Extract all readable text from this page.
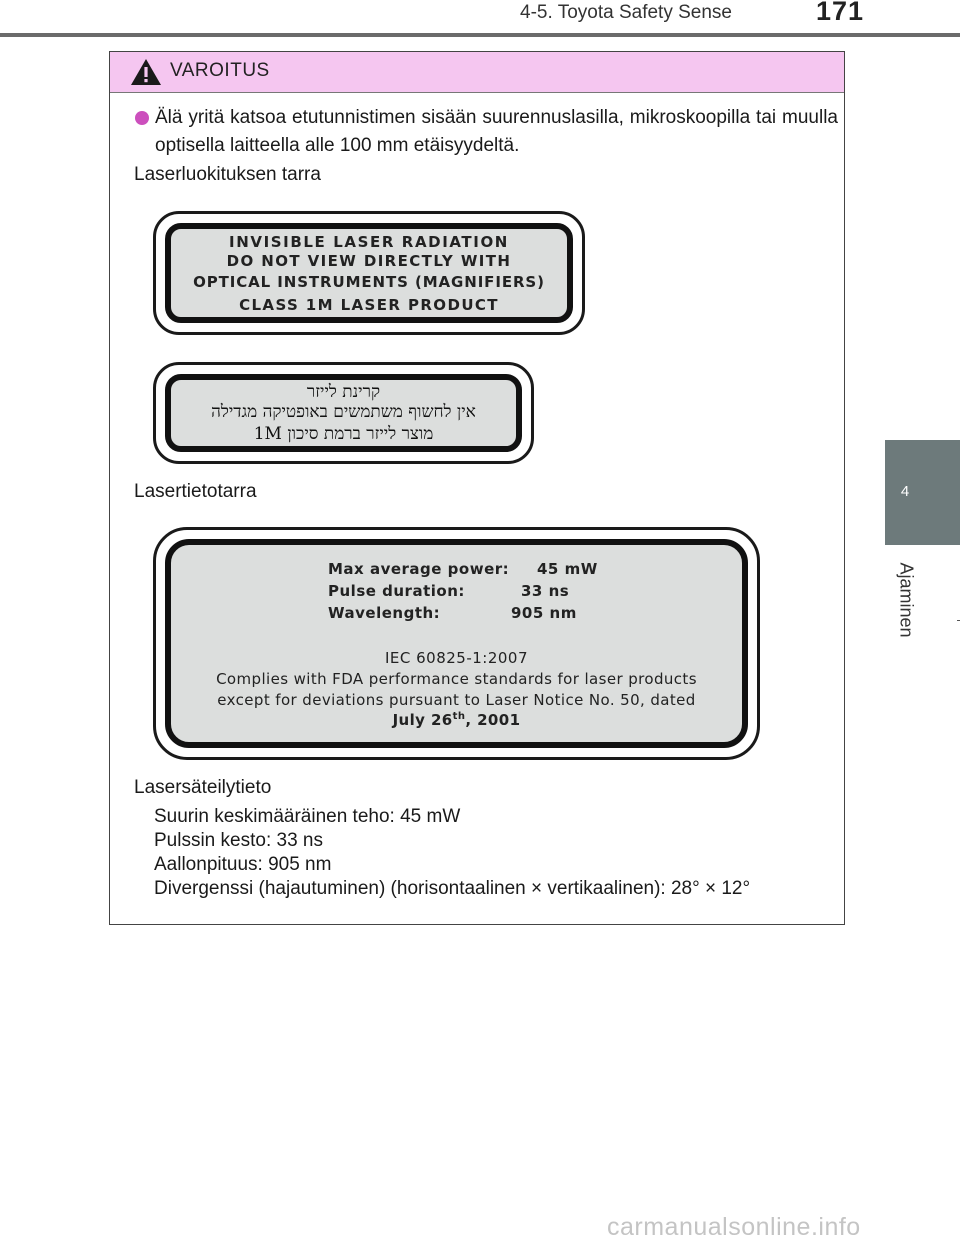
4-5. Toyota Safety Sense	171
4
Ajaminen
VAROITUS
Älä yritä katsoa etutunnistimen sisään suurennuslasilla, mikroskoopilla tai muulla optisella laitteella alle 100 mm etäisyydeltä.
Laserluokituksen tarra
INVISIBLE LASER RADIATION
DO NOT VIEW DIRECTLY WITH
OPTICAL INSTRUMENTS (MAGNIFIERS)
CLASS 1M LASER PRODUCT
קרינת לייזר
אין לחשוף משתמשים באופטיקה מגדילה
מוצר לייזר ברמת סיכון 1M
Lasertietotarra
Max average power: 45 mW
Pulse duration:	33 ns
Wavelength:	905 nm
IEC 60825-1:2007
Complies with FDA performance standards for laser products
except for deviations pursuant to Laser Notice No. 50, dated
July 26th, 2001
Lasersäteilytieto
Suurin keskimääräinen teho: 45 mW
Pulssin kesto: 33 ns
Aallonpituus: 905 nm
Divergenssi (hajautuminen) (horisontaalinen × vertikaalinen): 28° × 12°
carmanualsonline.info
